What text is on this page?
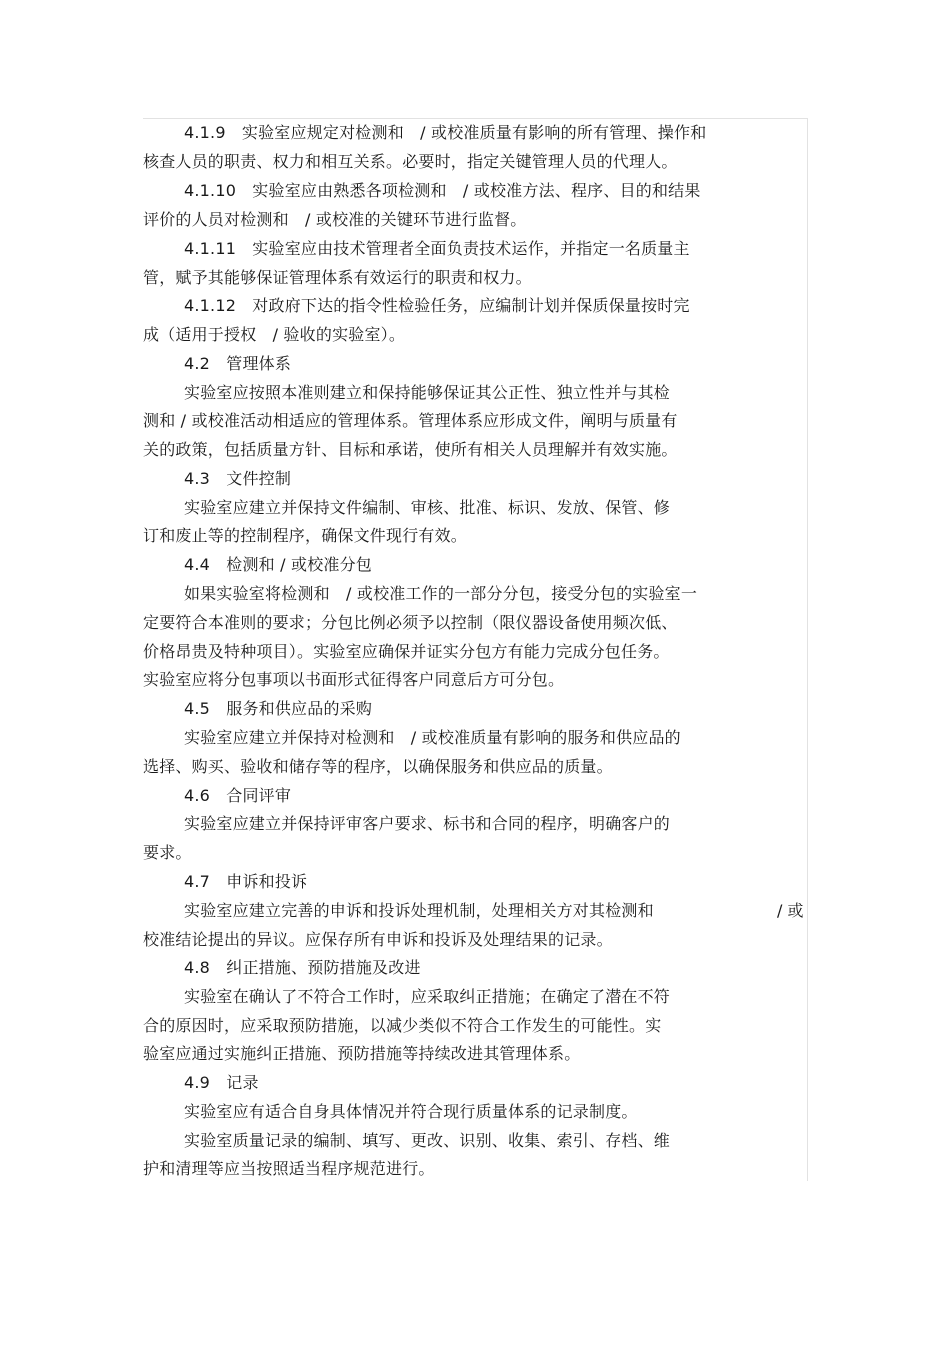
4.1.9　实验室应规定对检测和　/ 或校准质量有影响的所有管理、操作和
核查人员的职责、权力和相互关系。必要时，指定关键管理人员的代理人。
4.1.10　实验室应由熟悉各项检测和　/ 或校准方法、程序、目的和结果
评价的人员对检测和　/ 或校准的关键环节进行监督。
4.1.11　实验室应由技术管理者全面负责技术运作，并指定一名质量主
管，赋予其能够保证管理体系有效运行的职责和权力。
4.1.12　对政府下达的指令性检验任务，应编制计划并保质保量按时完
成（适用于授权　/ 验收的实验室）。
4.2　管理体系
实验室应按照本准则建立和保持能够保证其公正性、独立性并与其检
测和 / 或校准活动相适应的管理体系。管理体系应形成文件，阐明与质量有
关的政策，包括质量方针、目标和承诺，使所有相关人员理解并有效实施。
4.3　文件控制
实验室应建立并保持文件编制、审核、批准、标识、发放、保管、修
订和废止等的控制程序，确保文件现行有效。
4.4　检测和 / 或校准分包
如果实验室将检测和　/ 或校准工作的一部分分包，接受分包的实验室一
定要符合本准则的要求；分包比例必须予以控制（限仪器设备使用频次低、
价格昂贵及特种项目）。实验室应确保并证实分包方有能力完成分包任务。
实验室应将分包事项以书面形式征得客户同意后方可分包。
4.5　服务和供应品的采购
实验室应建立并保持对检测和　/ 或校准质量有影响的服务和供应品的
选择、购买、验收和储存等的程序，以确保服务和供应品的质量。
4.6　合同评审
实验室应建立并保持评审客户要求、标书和合同的程序，明确客户的
要求。
4.7　申诉和投诉
实验室应建立完善的申诉和投诉处理机制，处理相关方对其检测和	/ 或
校准结论提出的异议。应保存所有申诉和投诉及处理结果的记录。
4.8　纠正措施、预防措施及改进
实验室在确认了不符合工作时，应采取纠正措施；在确定了潜在不符
合的原因时，应采取预防措施，以减少类似不符合工作发生的可能性。实
验室应通过实施纠正措施、预防措施等持续改进其管理体系。
4.9　记录
实验室应有适合自身具体情况并符合现行质量体系的记录制度。
实验室质量记录的编制、填写、更改、识别、收集、索引、存档、维
护和清理等应当按照适当程序规范进行。
